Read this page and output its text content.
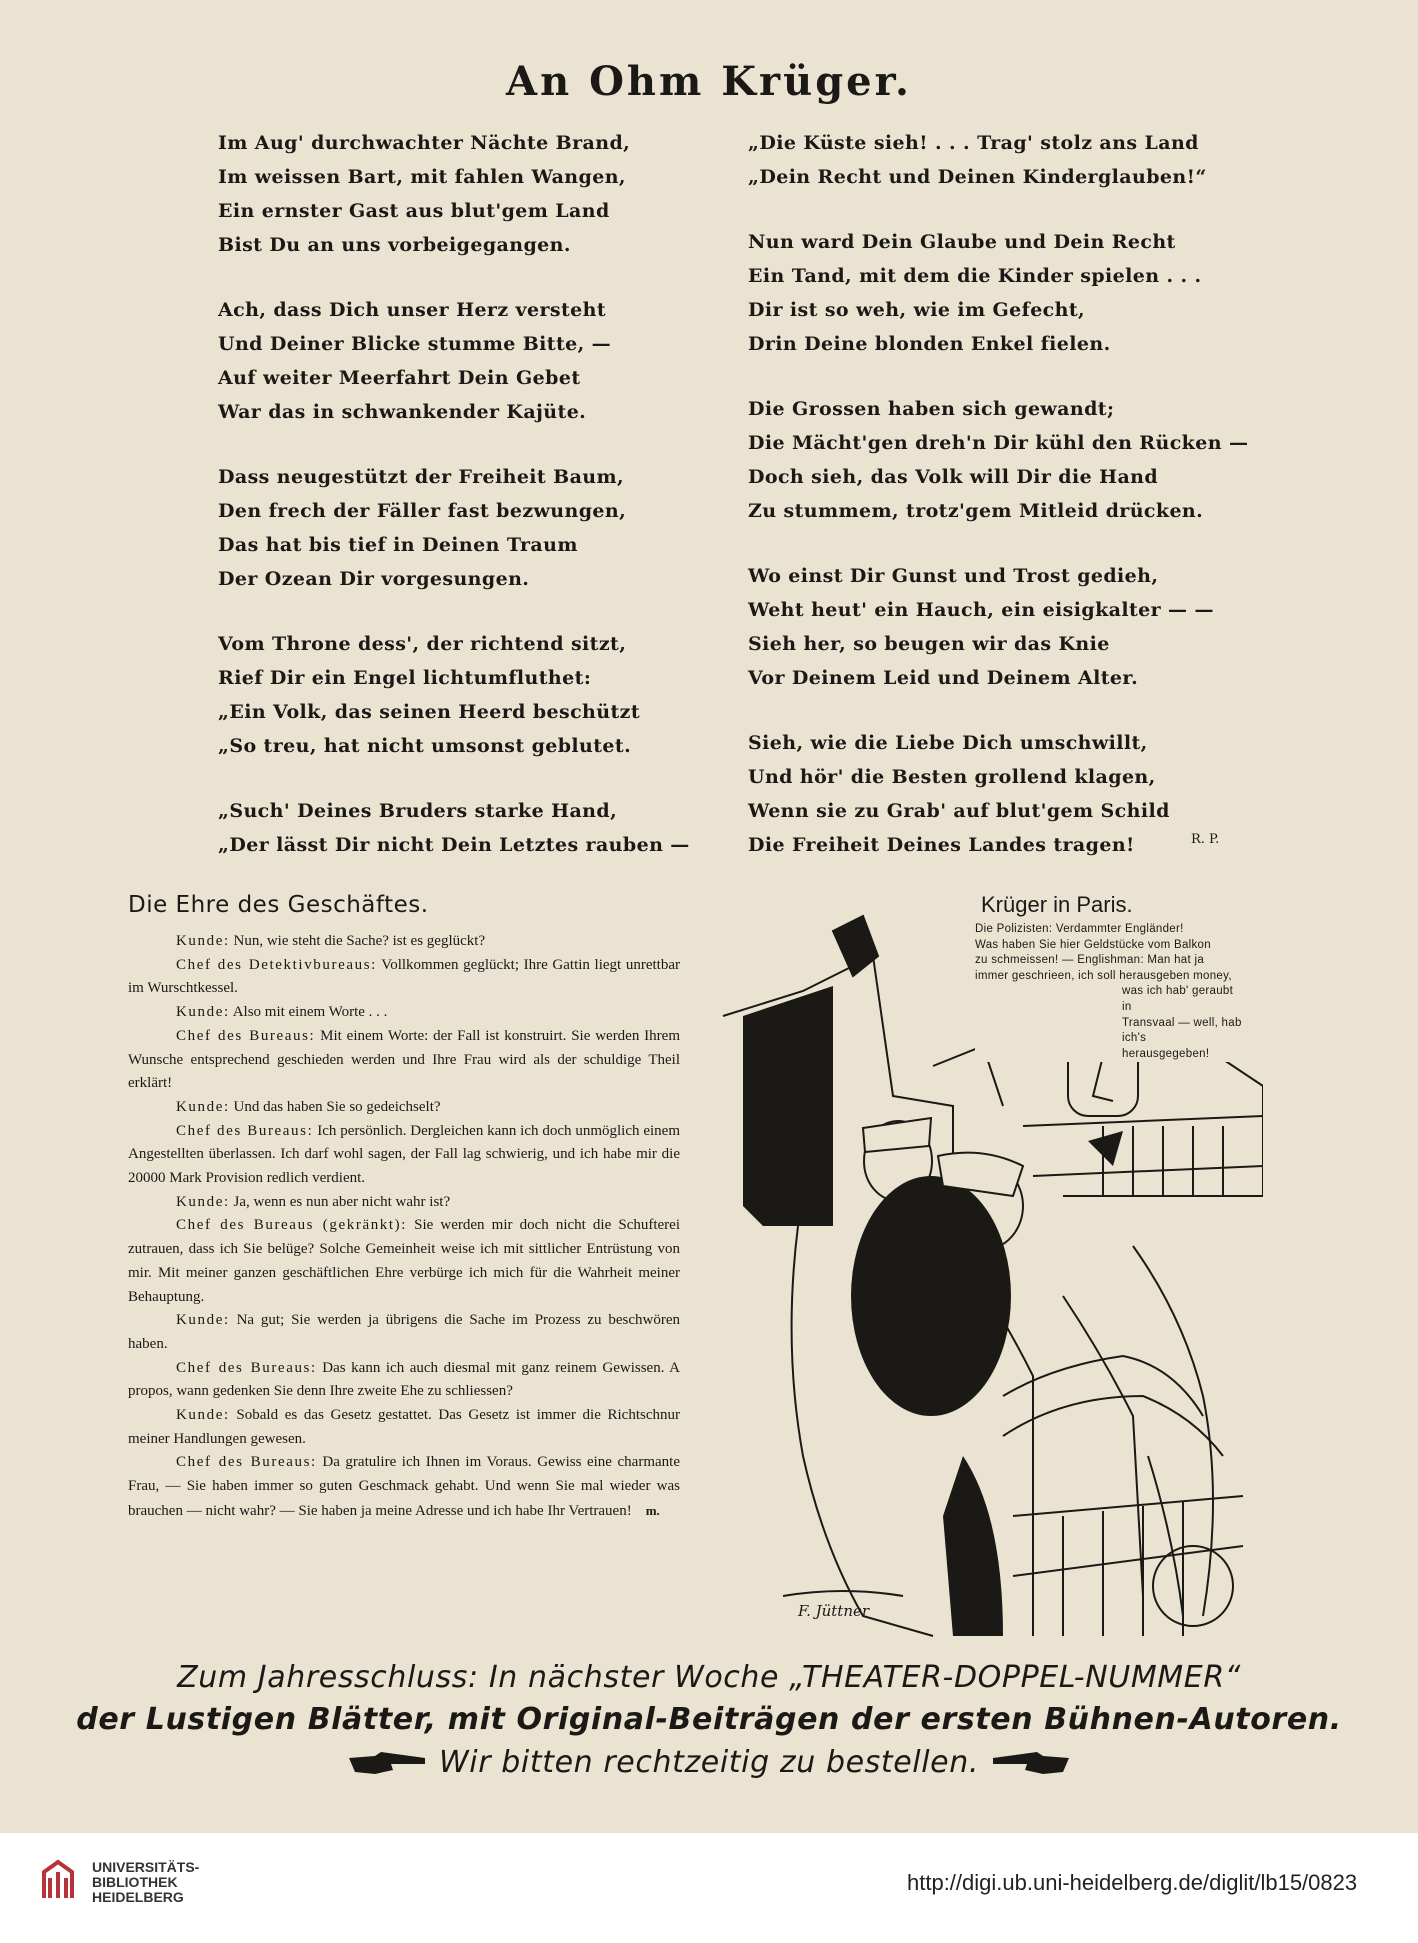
An Ohm Krüger.
Im Aug' durchwachter Nächte Brand,
Im weissen Bart, mit fahlen Wangen,
Ein ernster Gast aus blut'gem Land
Bist Du an uns vorbeigegangen.
Ach, dass Dich unser Herz versteht
Und Deiner Blicke stumme Bitte, —
Auf weiter Meerfahrt Dein Gebet
War das in schwankender Kajüte.
Dass neugestützt der Freiheit Baum,
Den frech der Fäller fast bezwungen,
Das hat bis tief in Deinen Traum
Der Ozean Dir vorgesungen.
Vom Throne dess', der richtend sitzt,
Rief Dir ein Engel lichtumfluthet:
„Ein Volk, das seinen Heerd beschützt
„So treu, hat nicht umsonst geblutet.
„Such' Deines Bruders starke Hand,
„Der lässt Dir nicht Dein Letztes rauben —
„Die Küste sieh! . . . Trag' stolz ans Land
„Dein Recht und Deinen Kinderglauben!“
Nun ward Dein Glaube und Dein Recht
Ein Tand, mit dem die Kinder spielen . . .
Dir ist so weh, wie im Gefecht,
Drin Deine blonden Enkel fielen.
Die Grossen haben sich gewandt;
Die Mächt'gen dreh'n Dir kühl den Rücken —
Doch sieh, das Volk will Dir die Hand
Zu stummem, trotz'gem Mitleid drücken.
Wo einst Dir Gunst und Trost gedieh,
Weht heut' ein Hauch, ein eisigkalter — —
Sieh her, so beugen wir das Knie
Vor Deinem Leid und Deinem Alter.
Sieh, wie die Liebe Dich umschwillt,
Und hör' die Besten grollend klagen,
Wenn sie zu Grab' auf blut'gem Schild
Die Freiheit Deines Landes tragen!	R. P.
Die Ehre des Geschäftes.

Kunde: Nun, wie steht die Sache? ist es geglückt?

Chef des Detektivbureaus: Vollkommen geglückt; Ihre Gattin liegt unrettbar im Wurschtkessel.

Kunde: Also mit einem Worte . . .

Chef des Bureaus: Mit einem Worte: der Fall ist konstruirt. Sie werden Ihrem Wunsche entsprechend geschieden werden und Ihre Frau wird als der schuldige Theil erklärt!

Kunde: Und das haben Sie so gedeichselt?

Chef des Bureaus: Ich persönlich. Dergleichen kann ich doch unmöglich einem Angestellten überlassen. Ich darf wohl sagen, der Fall lag schwierig, und ich habe mir die 20000 Mark Provision redlich verdient.

Kunde: Ja, wenn es nun aber nicht wahr ist?

Chef des Bureaus (gekränkt): Sie werden mir doch nicht die Schufterei zutrauen, dass ich Sie belüge? Solche Gemeinheit weise ich mit sittlicher Entrüstung von mir. Mit meiner ganzen geschäftlichen Ehre verbürge ich mich für die Wahrheit meiner Behauptung.

Kunde: Na gut; Sie werden ja übrigens die Sache im Prozess zu beschwören haben.

Chef des Bureaus: Das kann ich auch diesmal mit ganz reinem Gewissen. A propos, wann gedenken Sie denn Ihre zweite Ehe zu schliessen?

Kunde: Sobald es das Gesetz gestattet. Das Gesetz ist immer die Richtschnur meiner Handlungen gewesen.

Chef des Bureaus: Da gratulire ich Ihnen im Voraus. Gewiss eine charmante Frau, — Sie haben immer so guten Geschmack gehabt. Und wenn Sie mal wieder was brauchen — nicht wahr? — Sie haben ja meine Adresse und ich habe Ihr Vertrauen! m.

F. Jüttner
Krüger in Paris.
Die Polizisten: Verdammter Engländer!
Was haben Sie hier Geldstücke vom Balkon
zu schmeissen! — Englishman: Man hat ja
immer geschrieen, ich soll herausgeben money,
was ich hab' geraubt in
Transvaal — well, hab ich's
herausgegeben!
Zum Jahresschluss: In nächster Woche „THEATER-DOPPEL-NUMMER“
der Lustigen Blätter, mit Original-Beiträgen der ersten Bühnen-Autoren.
Wir bitten rechtzeitig zu bestellen.
UNIVERSITÄTS-
BIBLIOTHEK
HEIDELBERG
http://digi.ub.uni-heidelberg.de/diglit/lb15/0823
